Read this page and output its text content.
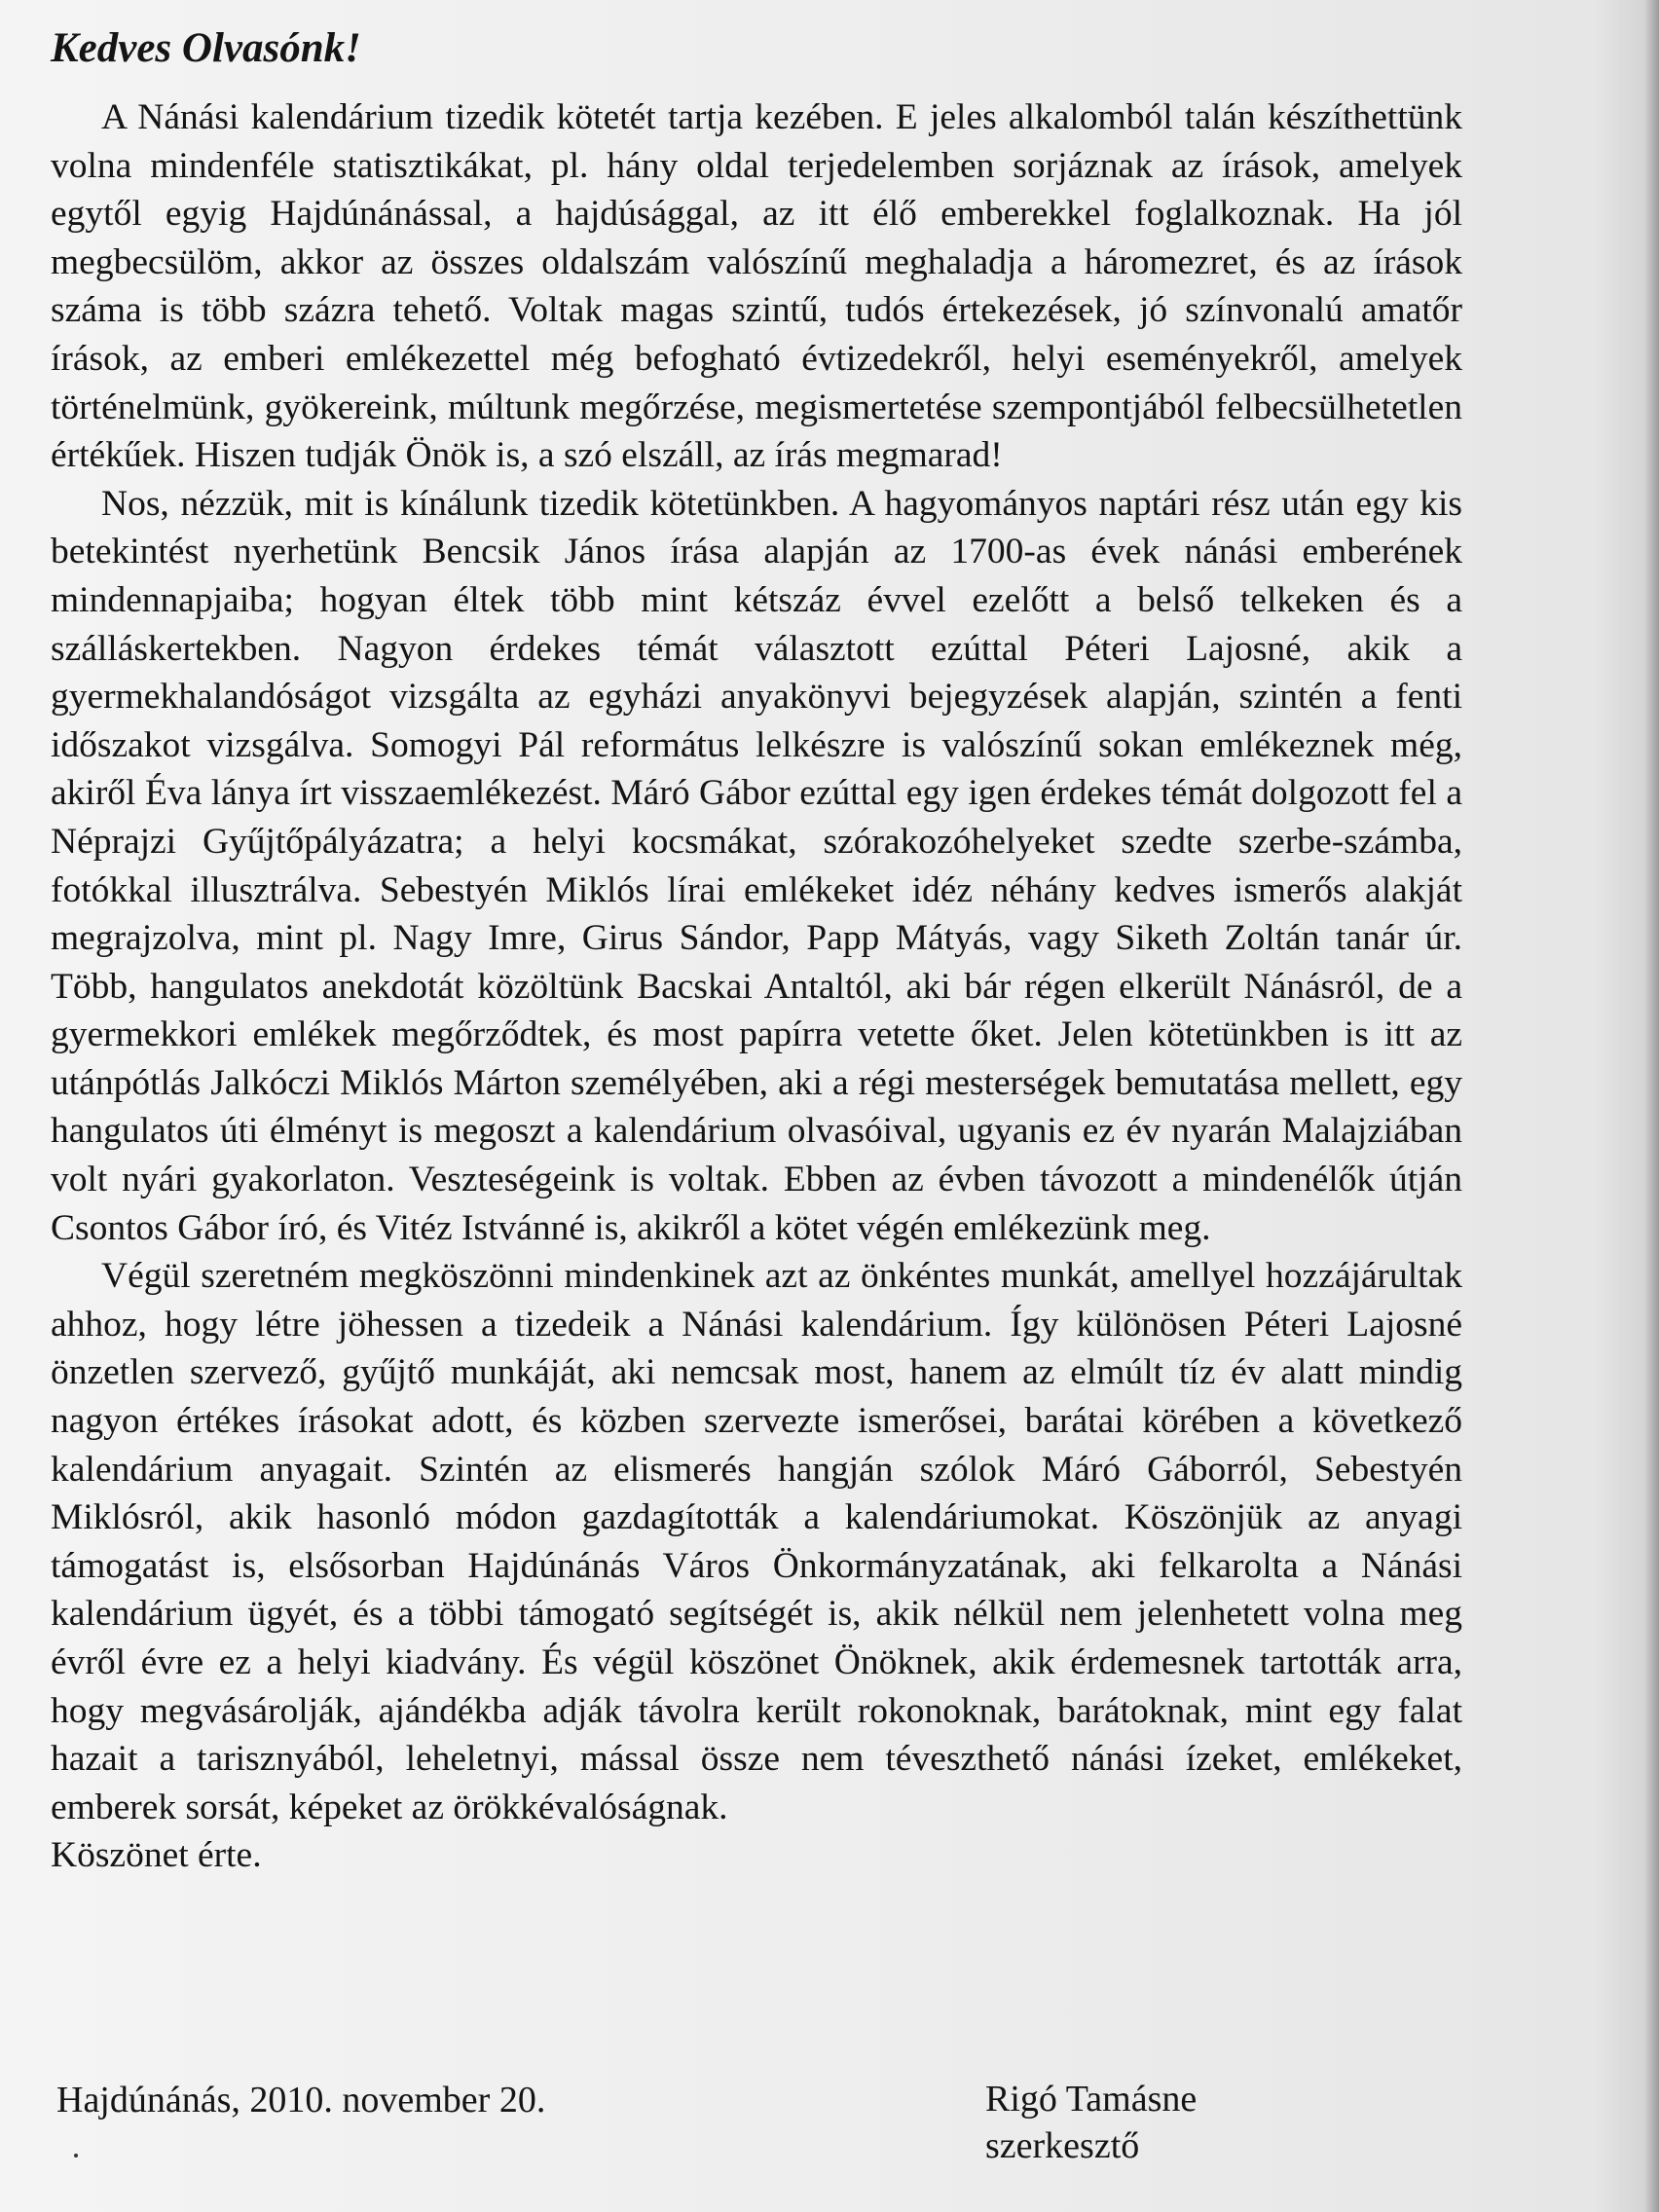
Kedves Olvasónk!

A Nánási kalendárium tizedik kötetét tartja kezében. E jeles alkalomból talán készíthettünk volna mindenféle statisztikákat, pl. hány oldal terjedelemben sorjáznak az írások, amelyek egytől egyig Hajdúnánással, a hajdúsággal, az itt élő emberekkel foglalkoznak. Ha jól megbecsülöm, akkor az összes oldalszám valószínű meghaladja a háromezret, és az írások száma is több százra tehető. Voltak magas szintű, tudós értekezések, jó színvonalú amatőr írások, az emberi emlékezettel még befogható évtizedekről, helyi eseményekről, amelyek történelmünk, gyökereink, múltunk megőrzése, megismertetése szempontjából felbecsülhetetlen értékűek. Hiszen tudják Önök is, a szó elszáll, az írás megmarad!

Nos, nézzük, mit is kínálunk tizedik kötetünkben. A hagyományos naptári rész után egy kis betekintést nyerhetünk Bencsik János írása alapján az 1700-as évek nánási emberének mindennapjaiba; hogyan éltek több mint kétszáz évvel ezelőtt a belső telkeken és a szálláskertekben. Nagyon érdekes témát választott ezúttal Péteri Lajosné, akik a gyermekhalandóságot vizsgálta az egyházi anyakönyvi bejegyzések alapján, szintén a fenti időszakot vizsgálva. Somogyi Pál református lelkészre is valószínű sokan emlékeznek még, akiről Éva lánya írt visszaemlékezést. Máró Gábor ezúttal egy igen érdekes témát dolgozott fel a Néprajzi Gyűjtőpályázatra; a helyi kocsmákat, szórakozóhelyeket szedte szerbe-számba, fotókkal illusztrálva. Sebestyén Miklós lírai emlékeket idéz néhány kedves ismerős alakját megrajzolva, mint pl. Nagy Imre, Girus Sándor, Papp Mátyás, vagy Siketh Zoltán tanár úr. Több, hangulatos anekdotát közöltünk Bacskai Antaltól, aki bár régen elkerült Nánásról, de a gyermekkori emlékek megőrződtek, és most papírra vetette őket. Jelen kötetünkben is itt az utánpótlás Jalkóczi Miklós Márton személyében, aki a régi mesterségek bemutatása mellett, egy hangulatos úti élményt is megoszt a kalendárium olvasóival, ugyanis ez év nyarán Malajziában volt nyári gyakorlaton. Veszteségeink is voltak. Ebben az évben távozott a mindenélők útján Csontos Gábor író, és Vitéz Istvánné is, akikről a kötet végén emlékezünk meg.

Végül szeretném megköszönni mindenkinek azt az önkéntes munkát, amellyel hozzájárultak ahhoz, hogy létre jöhessen a tizedeik a Nánási kalendárium. Így különösen Péteri Lajosné önzetlen szervező, gyűjtő munkáját, aki nemcsak most, hanem az elmúlt tíz év alatt mindig nagyon értékes írásokat adott, és közben szervezte ismerősei, barátai körében a következő kalendárium anyagait. Szintén az elismerés hangján szólok Máró Gáborról, Sebestyén Miklósról, akik hasonló módon gazdagították a kalendáriumokat. Köszönjük az anyagi támogatást is, elsősorban Hajdúnánás Város Önkormányzatának, aki felkarolta a Nánási kalendárium ügyét, és a többi támogató segítségét is, akik nélkül nem jelenhetett volna meg évről évre ez a helyi kiadvány. És végül köszönet Önöknek, akik érdemesnek tartották arra, hogy megvásárolják, ajándékba adják távolra került rokonoknak, barátoknak, mint egy falat hazait a tarisznyából, leheletnyi, mással össze nem téveszthető nánási ízeket, emlékeket, emberek sorsát, képeket az örökkévalóságnak.

Köszönet érte.

Hajdúnánás, 2010. november 20.	Rigó Tamásne
szerkesztő
